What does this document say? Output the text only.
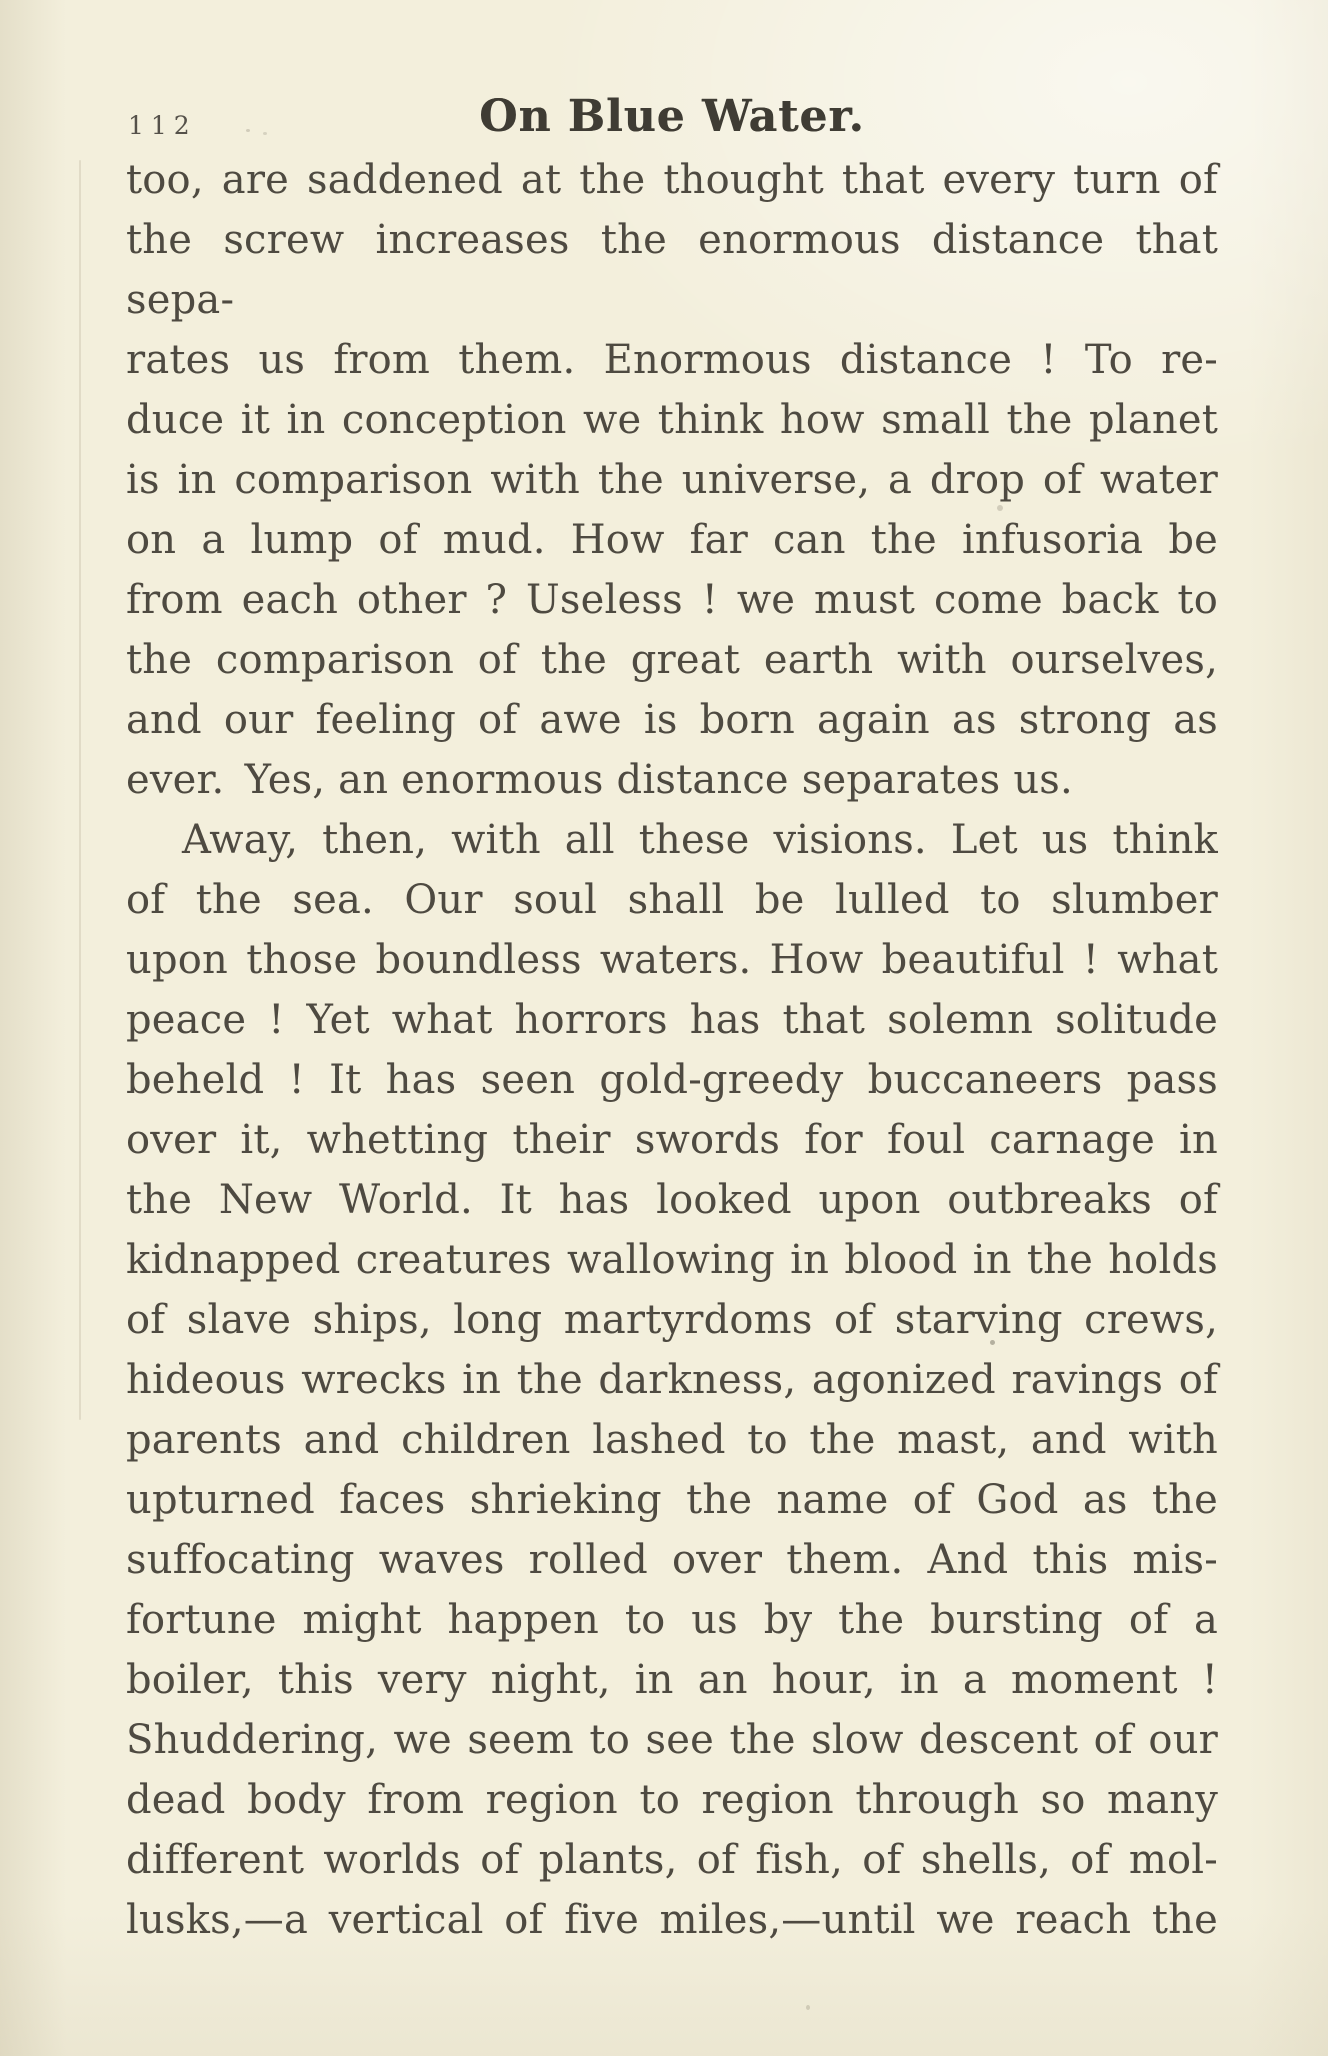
112	On Blue Water.
too, are saddened at the thought that every turn of
the screw increases the enormous distance that sepa-
rates us from them. Enormous distance ! To re-
duce it in conception we think how small the planet
is in comparison with the universe, a drop of water
on a lump of mud. How far can the infusoria be
from each other ? Useless ! we must come back to
the comparison of the great earth with ourselves,
and our feeling of awe is born again as strong as
ever. Yes, an enormous distance separates us.
Away, then, with all these visions. Let us think
of the sea. Our soul shall be lulled to slumber
upon those boundless waters. How beautiful ! what
peace ! Yet what horrors has that solemn solitude
beheld ! It has seen gold-greedy buccaneers pass
over it, whetting their swords for foul carnage in
the New World. It has looked upon outbreaks of
kidnapped creatures wallowing in blood in the holds
of slave ships, long martyrdoms of starving crews,
hideous wrecks in the darkness, agonized ravings of
parents and children lashed to the mast, and with
upturned faces shrieking the name of God as the
suffocating waves rolled over them. And this mis-
fortune might happen to us by the bursting of a
boiler, this very night, in an hour, in a moment !
Shuddering, we seem to see the slow descent of our
dead body from region to region through so many
different worlds of plants, of fish, of shells, of mol-
lusks,—a vertical of five miles,—until we reach the
